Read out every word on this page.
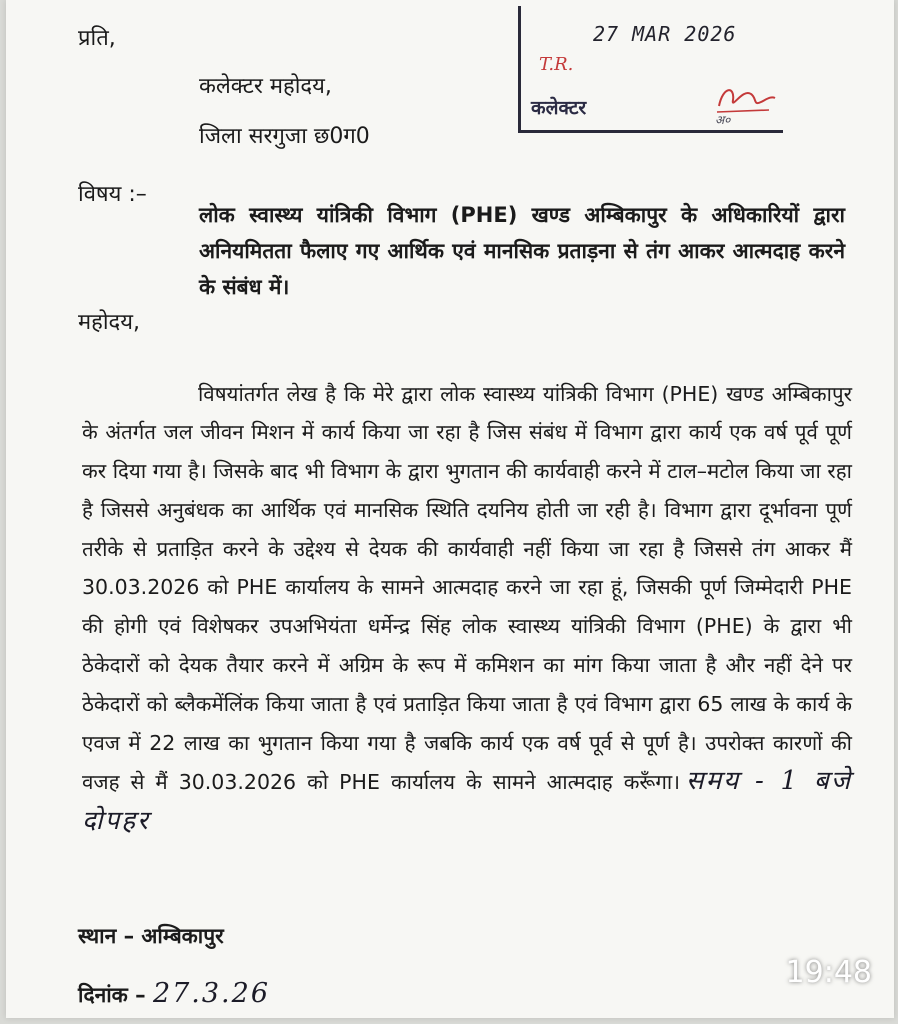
प्रति,

कलेक्टर महोदय,

जिला सरगुजा छ0ग0

27 MAR 2026
T.R.
कलेक्टर
अ०

विषय :–

लोक स्वास्थ्य यांत्रिकी विभाग (PHE) खण्ड अम्बिकापुर के अधिकारियों द्वारा अनियमितता फैलाए गए आर्थिक एवं मानसिक प्रताड़ना से तंग आकर आत्मदाह करने के संबंध में।

महोदय,

विषयांतर्गत लेख है कि मेरे द्वारा लोक स्वास्थ्य यांत्रिकी विभाग (PHE) खण्ड अम्बिकापुर के अंतर्गत जल जीवन मिशन में कार्य किया जा रहा है जिस संबंध में विभाग द्वारा कार्य एक वर्ष पूर्व पूर्ण कर दिया गया है। जिसके बाद भी विभाग के द्वारा भुगतान की कार्यवाही करने में टाल–मटोल किया जा रहा है जिससे अनुबंधक का आर्थिक एवं मानसिक स्थिति दयनिय होती जा रही है। विभाग द्वारा दूर्भावना पूर्ण तरीके से प्रताड़ित करने के उद्देश्य से देयक की कार्यवाही नहीं किया जा रहा है जिससे तंग आकर मैं 30.03.2026 को PHE कार्यालय के सामने आत्मदाह करने जा रहा हूं, जिसकी पूर्ण जिम्मेदारी PHE की होगी एवं विशेषकर उपअभियंता धर्मेन्द्र सिंह लोक स्वास्थ्य यांत्रिकी विभाग (PHE) के द्वारा भी ठेकेदारों को देयक तैयार करने में अग्रिम के रूप में कमिशन का मांग किया जाता है और नहीं देने पर ठेकेदारों को ब्लैकमेंलिंक किया जाता है एवं प्रताड़ित किया जाता है एवं विभाग द्वारा 65 लाख के कार्य के एवज में 22 लाख का भुगतान किया गया है जबकि कार्य एक वर्ष पूर्व से पूर्ण है। उपरोक्त कारणों की वजह से मैं 30.03.2026 को PHE कार्यालय के सामने आत्मदाह करूँगा। समय - 1 बजे दोपहर

स्थान – अम्बिकापुर

दिनांक – 27.3.26

19:48
